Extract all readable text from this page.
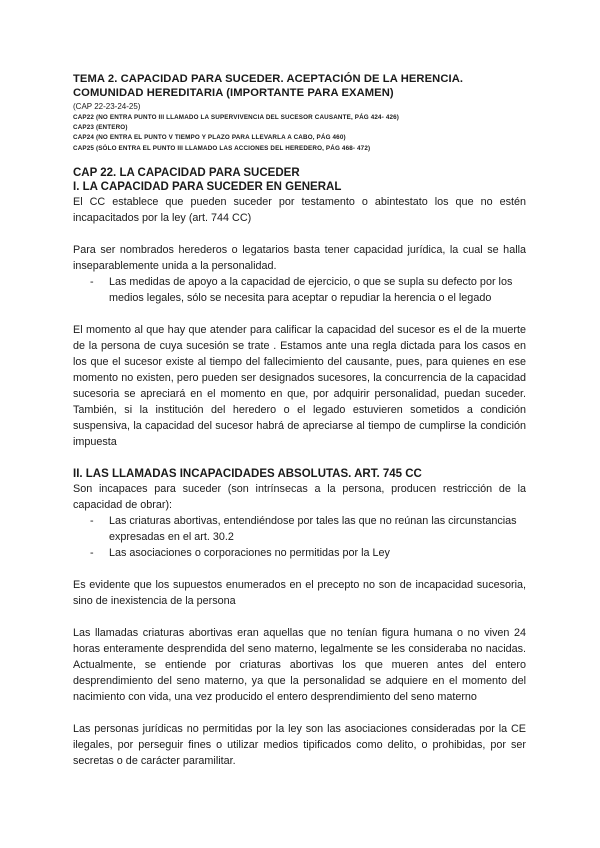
TEMA 2. CAPACIDAD PARA SUCEDER. ACEPTACIÓN DE LA HERENCIA. COMUNIDAD HEREDITARIA (IMPORTANTE PARA EXAMEN)
(CAP 22-23-24-25)
CAP22 (NO ENTRA PUNTO III LLAMADO LA SUPERVIVENCIA DEL SUCESOR CAUSANTE, PÁG 424- 426)
CAP23 (ENTERO)
CAP24 (NO ENTRA EL PUNTO V TIEMPO Y PLAZO PARA LLEVARLA A CABO, PÁG 460)
CAP25 (SÓLO ENTRA EL PUNTO III LLAMADO LAS ACCIONES DEL HEREDERO, PÁG 468- 472)
CAP 22. LA CAPACIDAD PARA SUCEDER
I. LA CAPACIDAD PARA SUCEDER EN GENERAL

El CC establece que pueden suceder por testamento o abintestato los que no estén incapacitados por la ley (art. 744 CC)

Para ser nombrados herederos o legatarios basta tener capacidad jurídica, la cual se halla inseparablemente unida a la personalidad.

- Las medidas de apoyo a la capacidad de ejercicio, o que se supla su defecto por los medios legales, sólo se necesita para aceptar o repudiar la herencia o el legado

El momento al que hay que atender para calificar la capacidad del sucesor es el de la muerte de la persona de cuya sucesión se trate . Estamos ante una regla dictada para los casos en los que el sucesor existe al tiempo del fallecimiento del causante, pues, para quienes en ese momento no existen, pero pueden ser designados sucesores, la concurrencia de la capacidad sucesoria se apreciará en el momento en que, por adquirir personalidad, puedan suceder. También, si la institución del heredero o el legado estuvieren sometidos a condición suspensiva, la capacidad del sucesor habrá de apreciarse al tiempo de cumplirse la condición impuesta

II. LAS LLAMADAS INCAPACIDADES ABSOLUTAS. ART. 745 CC

Son incapaces para suceder (son intrínsecas a la persona, producen restricción de la capacidad de obrar):

- Las criaturas abortivas, entendiéndose por tales las que no reúnan las circunstancias expresadas en el art. 30.2
- Las asociaciones o corporaciones no permitidas por la Ley

Es evidente que los supuestos enumerados en el precepto no son de incapacidad sucesoria, sino de inexistencia de la persona

Las llamadas criaturas abortivas eran aquellas que no tenían figura humana o no viven 24 horas enteramente desprendida del seno materno, legalmente se les consideraba no nacidas. Actualmente, se entiende por criaturas abortivas los que mueren antes del entero desprendimiento del seno materno, ya que la personalidad se adquiere en el momento del nacimiento con vida, una vez producido el entero desprendimiento del seno materno

Las personas jurídicas no permitidas por la ley son las asociaciones consideradas por la CE ilegales, por perseguir fines o utilizar medios tipificados como delito, o prohibidas, por ser secretas o de carácter paramilitar.
